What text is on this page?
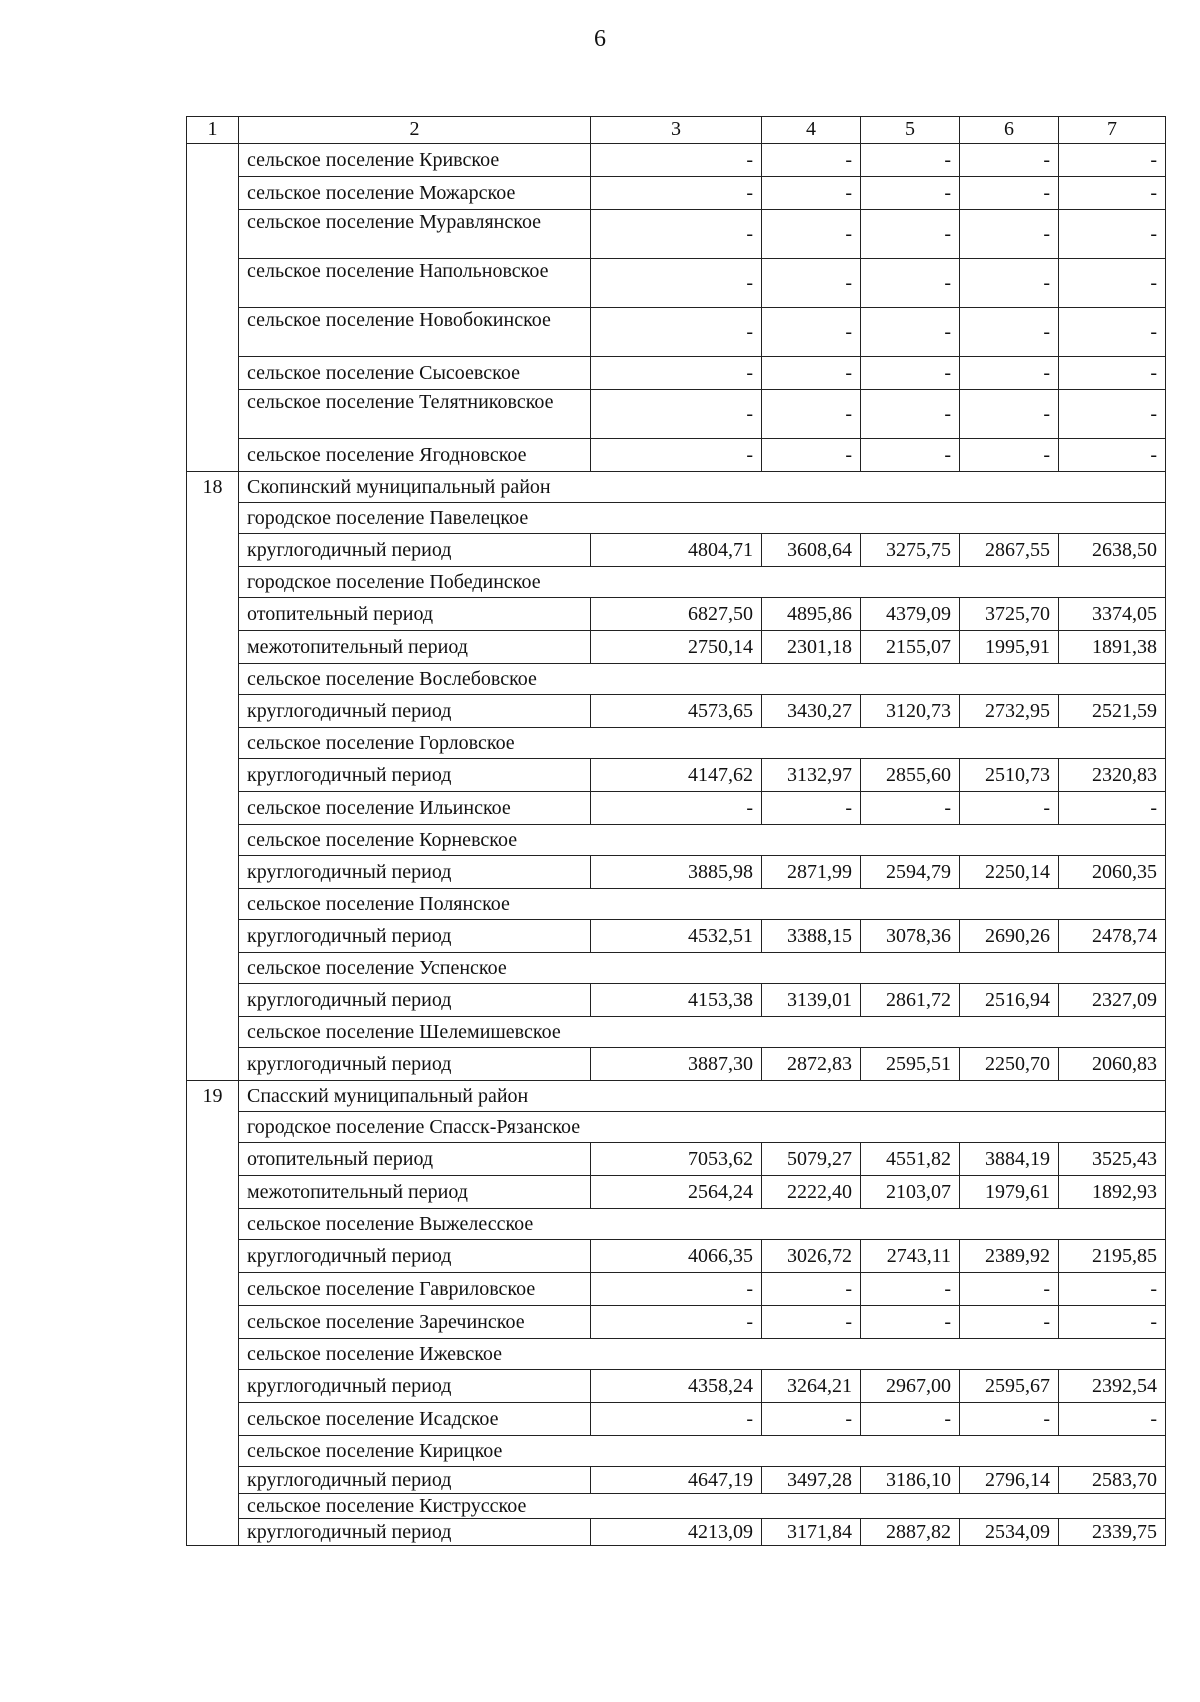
6
1	2	3	4	5	6	7
	сельское поселение Кривское	-	-	-	-	-
	сельское поселение Можарское	-	-	-	-	-
	сельское поселение Муравлянское	-	-	-	-	-
	сельское поселение Напольновское	-	-	-	-	-
	сельское поселение Новобокинское	-	-	-	-	-
	сельское поселение Сысоевское	-	-	-	-	-
	сельское поселение Телятниковское	-	-	-	-	-
	сельское поселение Ягодновское	-	-	-	-	-
18	Скопинский муниципальный район					
	городское поселение Павелецкое					
	круглогодичный период	4804,71	3608,64	3275,75	2867,55	2638,50
	городское поселение Побединское					
	отопительный период	6827,50	4895,86	4379,09	3725,70	3374,05
	межотопительный период	2750,14	2301,18	2155,07	1995,91	1891,38
	сельское поселение Вослебовское					
	круглогодичный период	4573,65	3430,27	3120,73	2732,95	2521,59
	сельское поселение Горловское					
	круглогодичный период	4147,62	3132,97	2855,60	2510,73	2320,83
	сельское поселение Ильинское	-	-	-	-	-
	сельское поселение Корневское					
	круглогодичный период	3885,98	2871,99	2594,79	2250,14	2060,35
	сельское поселение Полянское					
	круглогодичный период	4532,51	3388,15	3078,36	2690,26	2478,74
	сельское поселение Успенское					
	круглогодичный период	4153,38	3139,01	2861,72	2516,94	2327,09
	сельское поселение Шелемишевское					
	круглогодичный период	3887,30	2872,83	2595,51	2250,70	2060,83
19	Спасский муниципальный район					
	городское поселение Спасск-Рязанское					
	отопительный период	7053,62	5079,27	4551,82	3884,19	3525,43
	межотопительный период	2564,24	2222,40	2103,07	1979,61	1892,93
	сельское поселение Выжелесское					
	круглогодичный период	4066,35	3026,72	2743,11	2389,92	2195,85
	сельское поселение Гавриловское	-	-	-	-	-
	сельское поселение Заречинское	-	-	-	-	-
	сельское поселение Ижевское					
	круглогодичный период	4358,24	3264,21	2967,00	2595,67	2392,54
	сельское поселение Исадское	-	-	-	-	-
	сельское поселение Кирицкое					
	круглогодичный период	4647,19	3497,28	3186,10	2796,14	2583,70
	сельское поселение Киструсское					
	круглогодичный период	4213,09	3171,84	2887,82	2534,09	2339,75
